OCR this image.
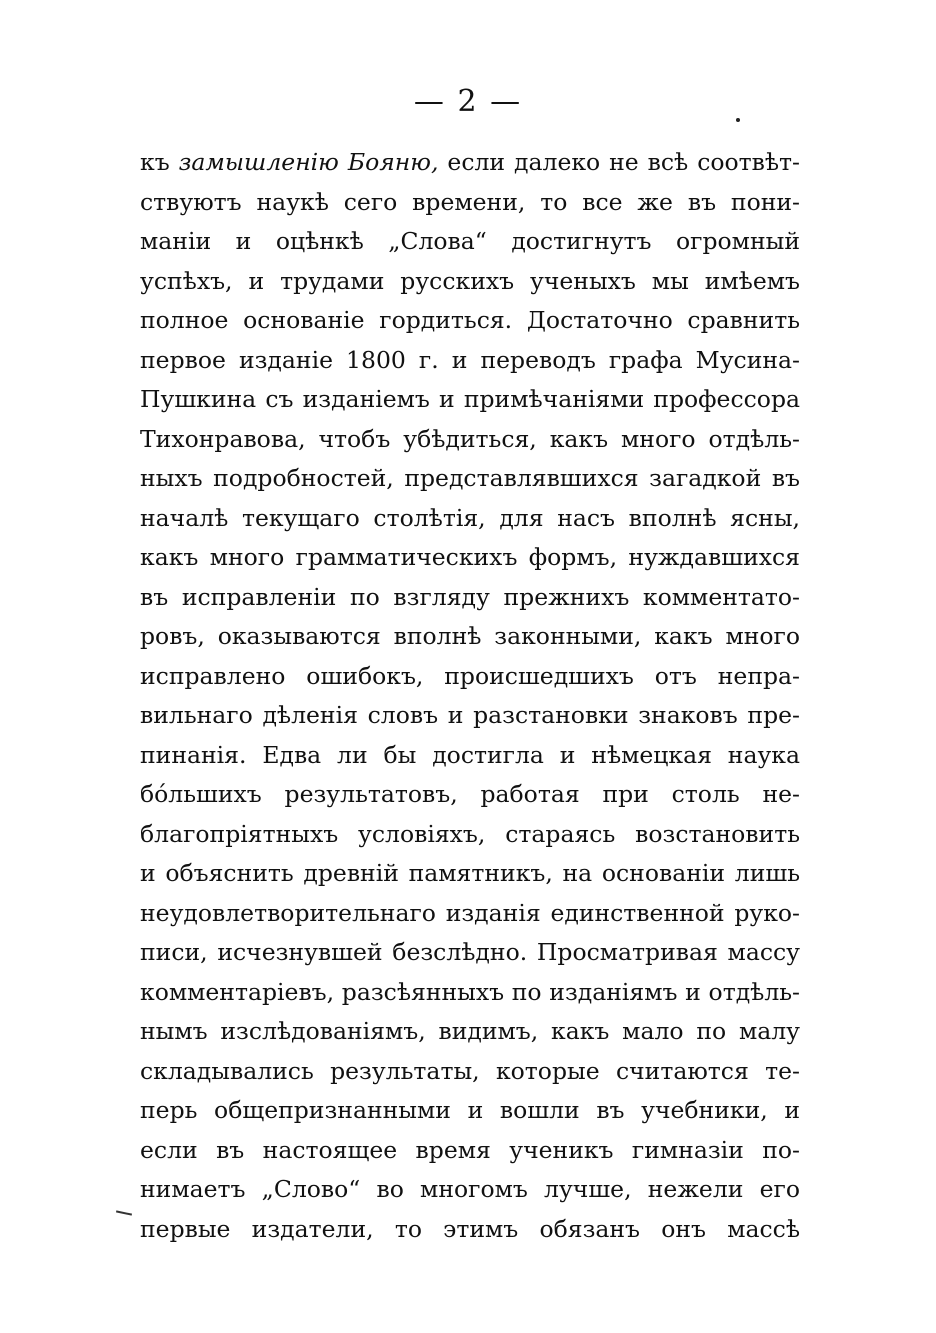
— 2 —
къ замышленію Бояню, если далеко не всѣ соотвѣт-
ствуютъ наукѣ сего времени, то все же въ пони-
маніи и оцѣнкѣ „Слова“ достигнутъ огромный
успѣхъ, и трудами русскихъ ученыхъ мы имѣемъ
полное основаніе гордиться. Достаточно сравнить
первое изданіе 1800 г. и переводъ графа Мусина-
Пушкина съ изданіемъ и примѣчаніями профессора
Тихонравова, чтобъ убѣдиться, какъ много отдѣль-
ныхъ подробностей, представлявшихся загадкой въ
началѣ текущаго столѣтія, для насъ вполнѣ ясны,
какъ много грамматическихъ формъ, нуждавшихся
въ исправленіи по взгляду прежнихъ комментато-
ровъ, оказываются вполнѣ законными, какъ много
исправлено ошибокъ, происшедшихъ отъ непра-
вильнаго дѣленія словъ и разстановки знаковъ пре-
пинанія. Едва ли бы достигла и нѣмецкая наука
бо́льшихъ результатовъ, работая при столь не-
благопріятныхъ условіяхъ, стараясь возстановить
и объяснить древній памятникъ, на основаніи лишь
неудовлетворительнаго изданія единственной руко-
писи, исчезнувшей безслѣдно. Просматривая массу
комментаріевъ, разсѣянныхъ по изданіямъ и отдѣль-
нымъ изслѣдованіямъ, видимъ, какъ мало по малу
складывались результаты, которые считаются те-
перь общепризнанными и вошли въ учебники, и
если въ настоящее время ученикъ гимназіи по-
нимаетъ „Слово“ во многомъ лучше, нежели его
первые издатели, то этимъ обязанъ онъ массѣ
